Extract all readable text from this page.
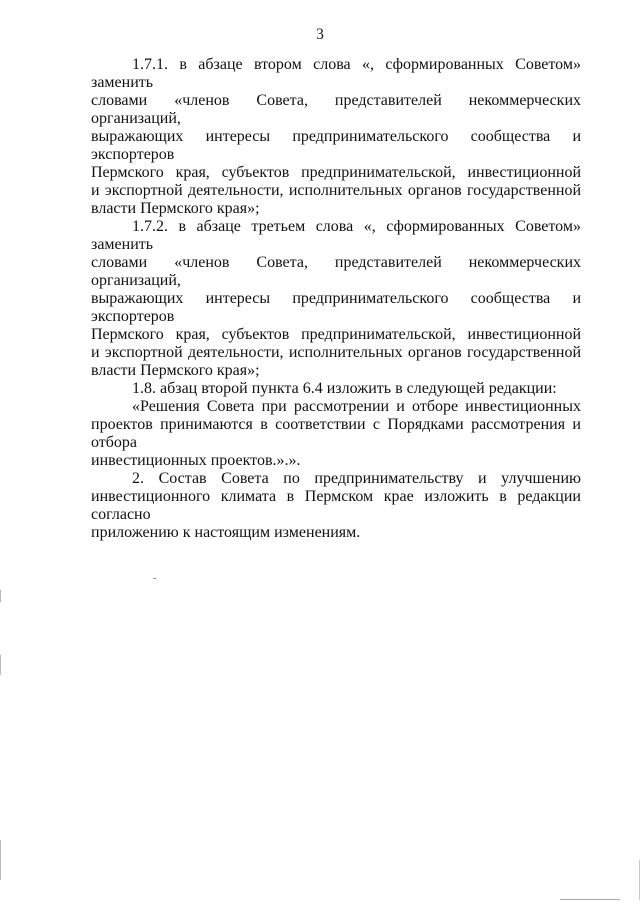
3
1.7.1. в абзаце втором слова «, сформированных Советом» заменить
словами «членов Совета, представителей некоммерческих организаций,
выражающих интересы предпринимательского сообщества и экспортеров
Пермского края, субъектов предпринимательской, инвестиционной
и экспортной деятельности, исполнительных органов государственной
власти Пермского края»;
1.7.2. в абзаце третьем слова «, сформированных Советом» заменить
словами «членов Совета, представителей некоммерческих организаций,
выражающих интересы предпринимательского сообщества и экспортеров
Пермского края, субъектов предпринимательской, инвестиционной
и экспортной деятельности, исполнительных органов государственной
власти Пермского края»;
1.8. абзац второй пункта 6.4 изложить в следующей редакции:
«Решения Совета при рассмотрении и отборе инвестиционных
проектов принимаются в соответствии с Порядками рассмотрения и отбора
инвестиционных проектов.».».
2. Состав Совета по предпринимательству и улучшению
инвестиционного климата в Пермском крае изложить в редакции согласно
приложению к настоящим изменениям.
